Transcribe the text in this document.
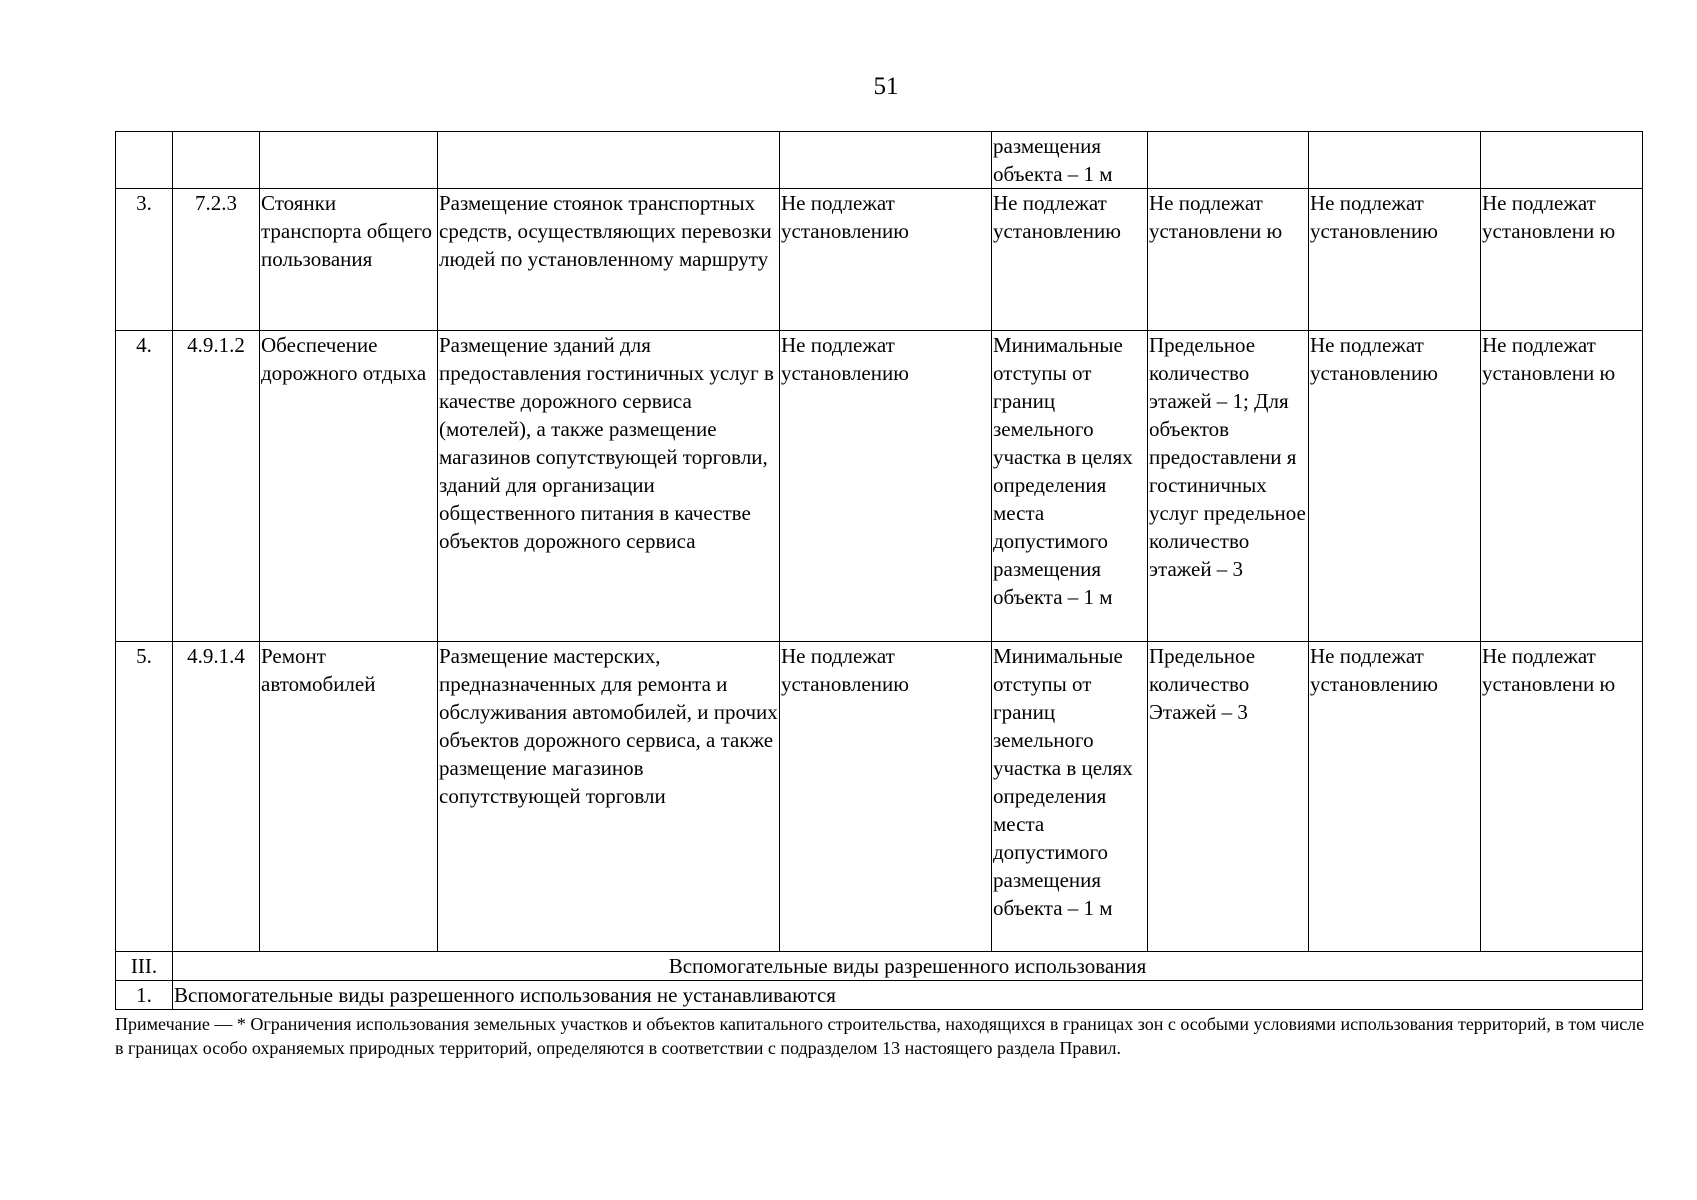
51
					размещения объекта – 1 м			
3.	7.2.3	Стоянки транспорта общего пользования	Размещение стоянок транспортных средств, осуществляющих перевозки людей по установленному маршруту	Не подлежат установлению	Не подлежат установлению	Не подлежат установлени ю	Не подлежат установлению	Не подлежат установлени ю
4.	4.9.1.2	Обеспечение дорожного отдыха	Размещение зданий для предоставления гостиничных услуг в качестве дорожного сервиса (мотелей), а также размещение магазинов сопутствующей торговли, зданий для организации общественного питания в качестве объектов дорожного сервиса	Не подлежат установлению	Минимальные отступы от границ земельного участка в целях определения места допустимого размещения объекта – 1 м	Предельное количество этажей – 1; Для объектов предоставлени я гостиничных услуг предельное количество этажей – 3	Не подлежат установлению	Не подлежат установлени ю
5.	4.9.1.4	Ремонт автомобилей	Размещение мастерских, предназначенных для ремонта и обслуживания автомобилей, и прочих объектов дорожного сервиса, а также размещение магазинов сопутствующей торговли	Не подлежат установлению	Минимальные отступы от границ земельного участка в целях определения места допустимого размещения объекта – 1 м	Предельное количество Этажей – 3	Не подлежат установлению	Не подлежат установлени ю
III.	Вспомогательные виды разрешенного использования							
1.	Вспомогательные виды разрешенного использования не устанавливаются							
Примечание — * Ограничения использования земельных участков и объектов капитального строительства, находящихся в границах зон с особыми условиями использования территорий, в том числе в границах особо охраняемых природных территорий, определяются в соответствии с подразделом 13 настоящего раздела Правил.
